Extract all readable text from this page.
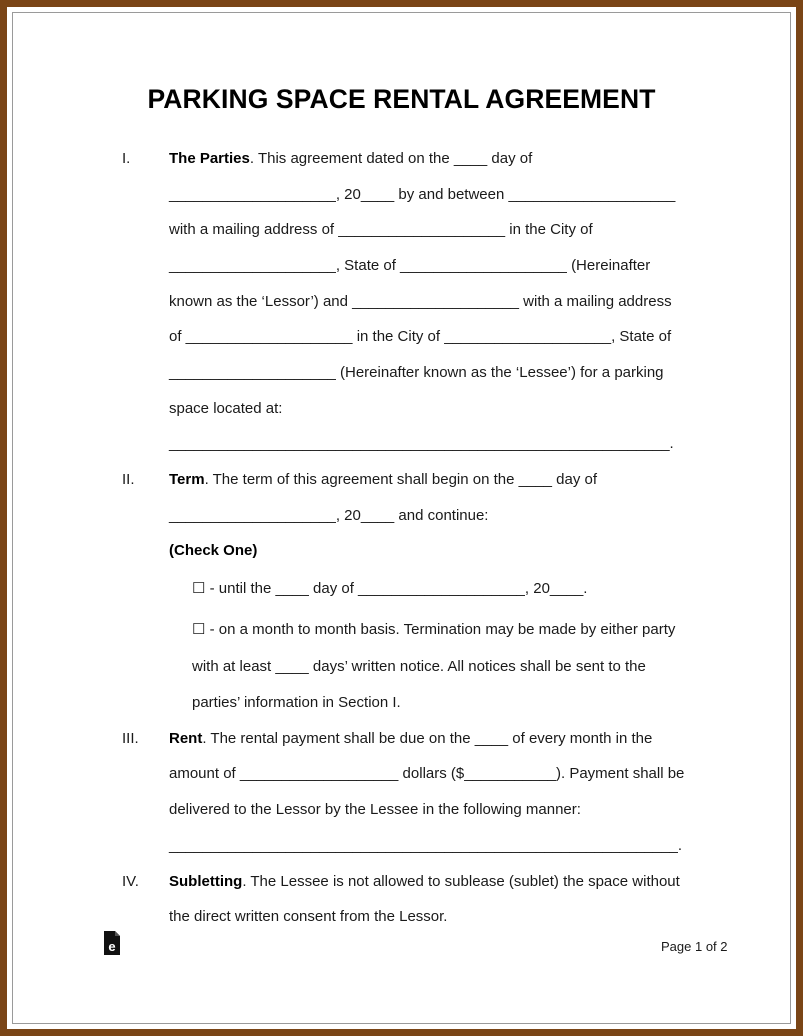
PARKING SPACE RENTAL AGREEMENT
I.	The Parties. This agreement dated on the ____ day of
____________________, 20____ by and between ____________________
with a mailing address of ____________________ in the City of
____________________, State of ____________________ (Hereinafter
known as the ‘Lessor’) and ____________________ with a mailing address
of ____________________ in the City of ____________________, State of
____________________ (Hereinafter known as the ‘Lessee’) for a parking
space located at:
____________________________________________________________.
II. Term. The term of this agreement shall begin on the ____ day of
____________________, 20____ and continue:
(Check One)
☐ - until the ____ day of ____________________, 20____.
☐ - on a month to month basis. Termination may be made by either party
with at least ____ days’ written notice. All notices shall be sent to the
parties’ information in Section I.
III. Rent. The rental payment shall be due on the ____ of every month in the
amount of ___________________ dollars ($___________). Payment shall be
delivered to the Lessor by the Lessee in the following manner:
_____________________________________________________________.
IV. Subletting. The Lessee is not allowed to sublease (sublet) the space without
the direct written consent from the Lessor.
e	Page 1 of 2
